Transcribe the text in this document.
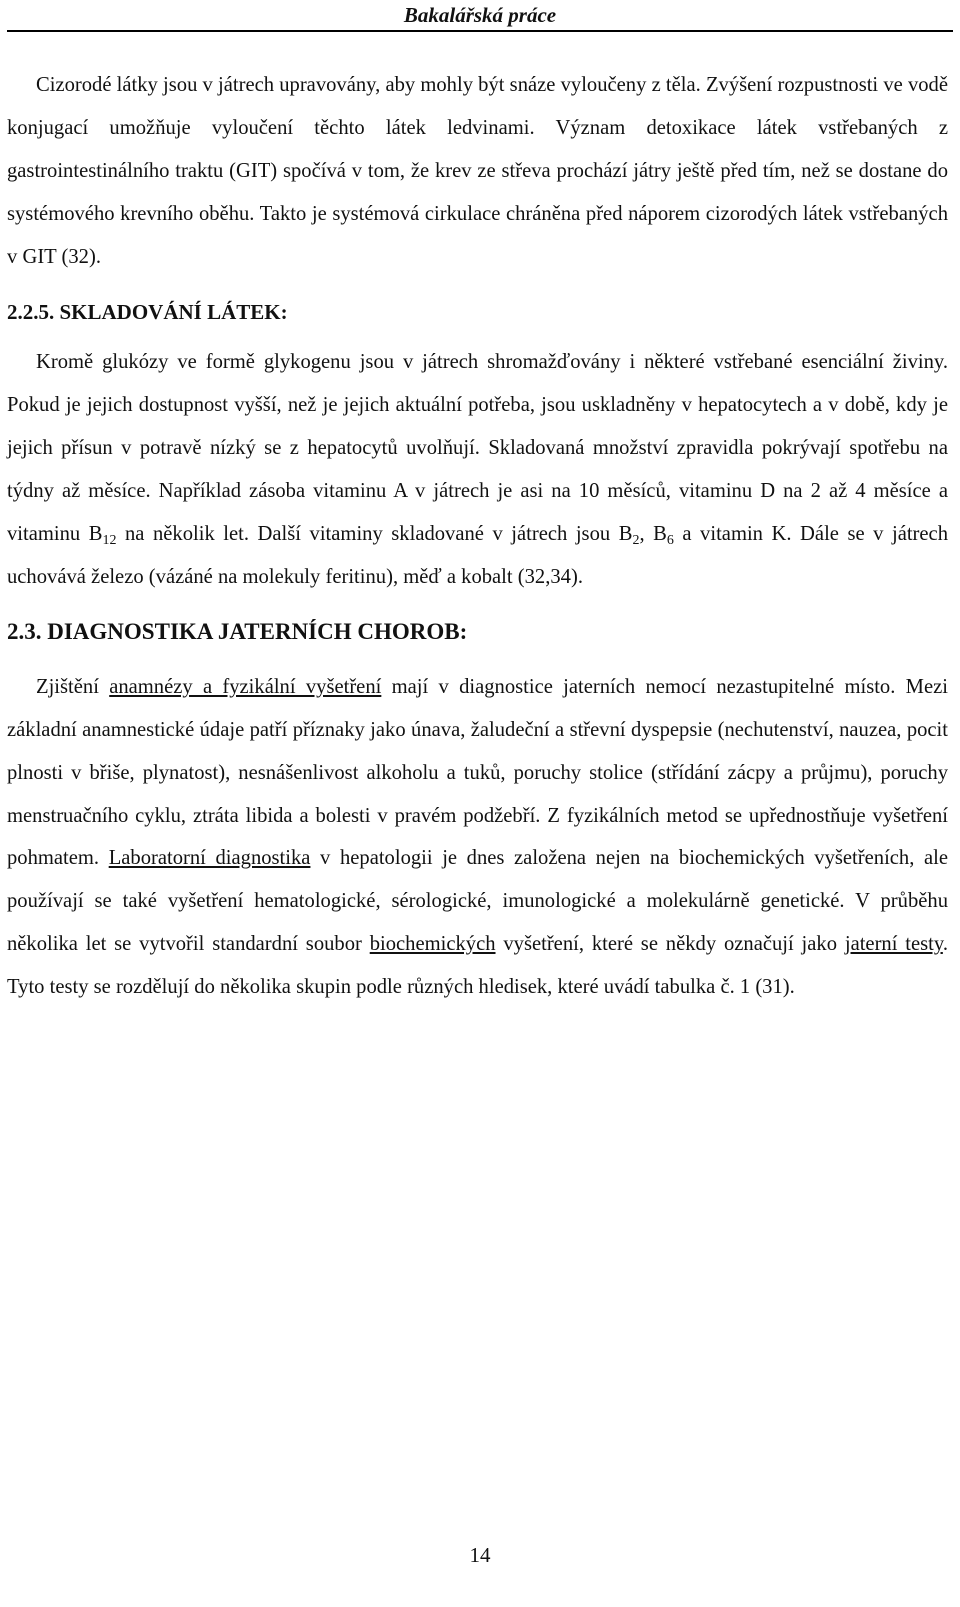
Bakalářská práce

Cizorodé látky jsou v játrech upravovány, aby mohly být snáze vyloučeny z těla. Zvýšení rozpustnosti ve vodě konjugací umožňuje vyloučení těchto látek ledvinami. Význam detoxikace látek vstřebaných z gastrointestinálního traktu (GIT) spočívá v tom, že krev ze střeva prochází játry ještě před tím, než se dostane do systémového krevního oběhu. Takto je systémová cirkulace chráněna před náporem cizorodých látek vstřebaných v GIT (32).

2.2.5. SKLADOVÁNÍ LÁTEK:

Kromě glukózy ve formě glykogenu jsou v játrech shromažďovány i některé vstřebané esenciální živiny. Pokud je jejich dostupnost vyšší, než je jejich aktuální potřeba, jsou uskladněny v hepatocytech a v době, kdy je jejich přísun v potravě nízký se z hepatocytů uvolňují. Skladovaná množství zpravidla pokrývají spotřebu na týdny až měsíce. Například zásoba vitaminu A v játrech je asi na 10 měsíců, vitaminu D na 2 až 4 měsíce a vitaminu $B_{12}$ na několik let. Další vitaminy skladované v játrech jsou $B_2$, $B_6$ a vitamin K. Dále se v játrech uchovává železo (vázáné na molekuly feritinu), měď a kobalt (32,34).

2.3. DIAGNOSTIKA JATERNÍCH CHOROB:

Zjištění anamnézy a fyzikální vyšetření mají v diagnostice jaterních nemocí nezastupitelné místo. Mezi základní anamnestické údaje patří příznaky jako únava, žaludeční a střevní dyspepsie (nechutenství, nauzea, pocit plnosti v břiše, plynatost), nesnášenlivost alkoholu a tuků, poruchy stolice (střídání zácpy a průjmu), poruchy menstruačního cyklu, ztráta libida a bolesti v pravém podžebří. Z fyzikálních metod se upřednostňuje vyšetření pohmatem. Laboratorní diagnostika v hepatologii je dnes založena nejen na biochemických vyšetřeních, ale používají se také vyšetření hematologické, sérologické, imunologické a molekulárně genetické. V průběhu několika let se vytvořil standardní soubor biochemických vyšetření, které se někdy označují jako jaterní testy. Tyto testy se rozdělují do několika skupin podle různých hledisek, které uvádí tabulka č. 1 (31).

14
